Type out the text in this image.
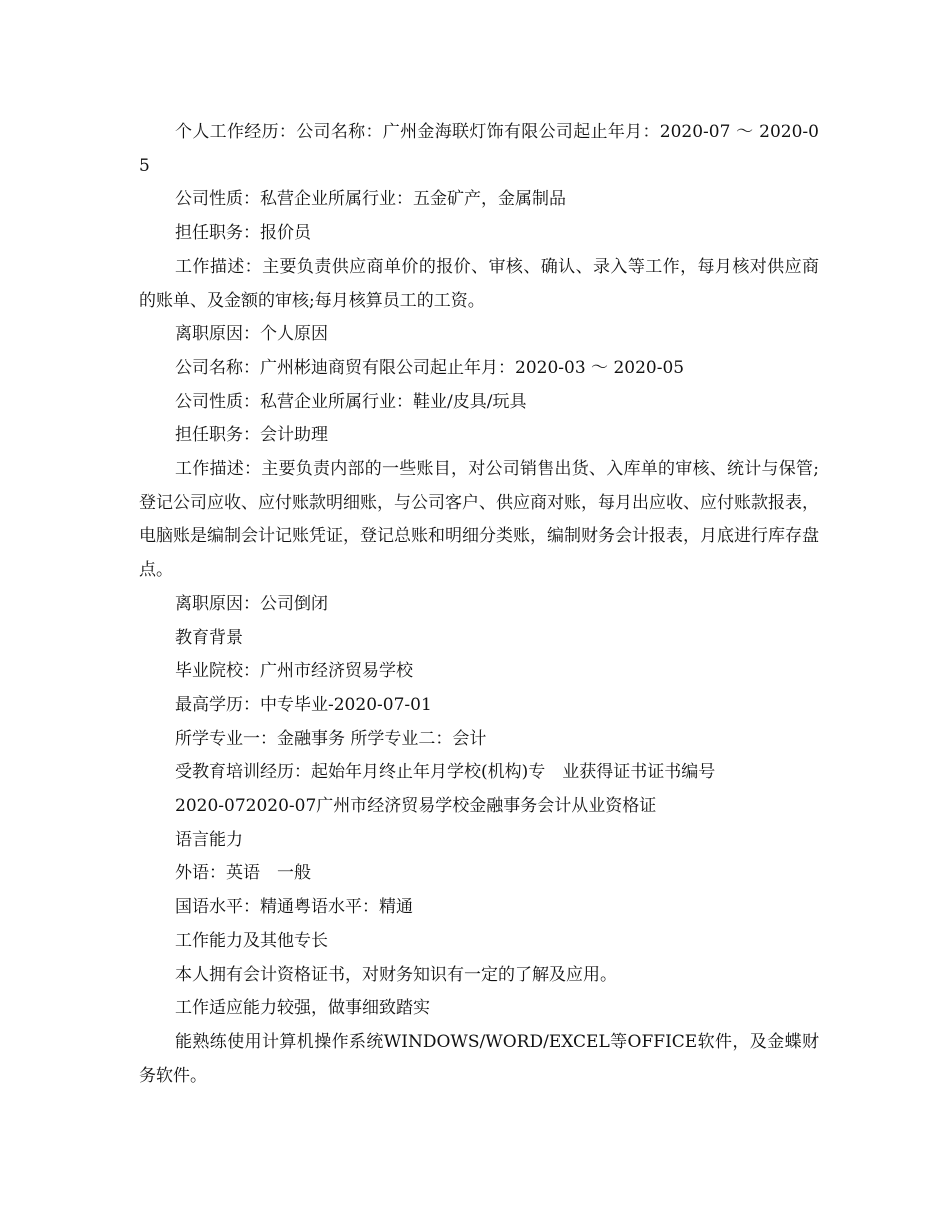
个人工作经历：公司名称：广州金海联灯饰有限公司起止年月：2020-07 ～ 2020-05

公司性质：私营企业所属行业：五金矿产，金属制品

担任职务：报价员

工作描述：主要负责供应商单价的报价、审核、确认、录入等工作，每月核对供应商的账单、及金额的审核;每月核算员工的工资。

离职原因：个人原因

公司名称：广州彬迪商贸有限公司起止年月：2020-03 ～ 2020-05

公司性质：私营企业所属行业：鞋业/皮具/玩具

担任职务：会计助理

工作描述：主要负责内部的一些账目，对公司销售出货、入库单的审核、统计与保管;登记公司应收、应付账款明细账，与公司客户、供应商对账，每月出应收、应付账款报表，电脑账是编制会计记账凭证，登记总账和明细分类账，编制财务会计报表，月底进行库存盘点。

离职原因：公司倒闭

教育背景

毕业院校：广州市经济贸易学校

最高学历：中专毕业-2020-07-01

所学专业一：金融事务 所学专业二：会计

受教育培训经历：起始年月终止年月学校(机构)专　业获得证书证书编号

2020-072020-07广州市经济贸易学校金融事务会计从业资格证

语言能力

外语：英语　一般

国语水平：精通粤语水平：精通

工作能力及其他专长

本人拥有会计资格证书，对财务知识有一定的了解及应用。

工作适应能力较强，做事细致踏实

能熟练使用计算机操作系统WINDOWS/WORD/EXCEL等OFFICE软件，及金蝶财务软件。
